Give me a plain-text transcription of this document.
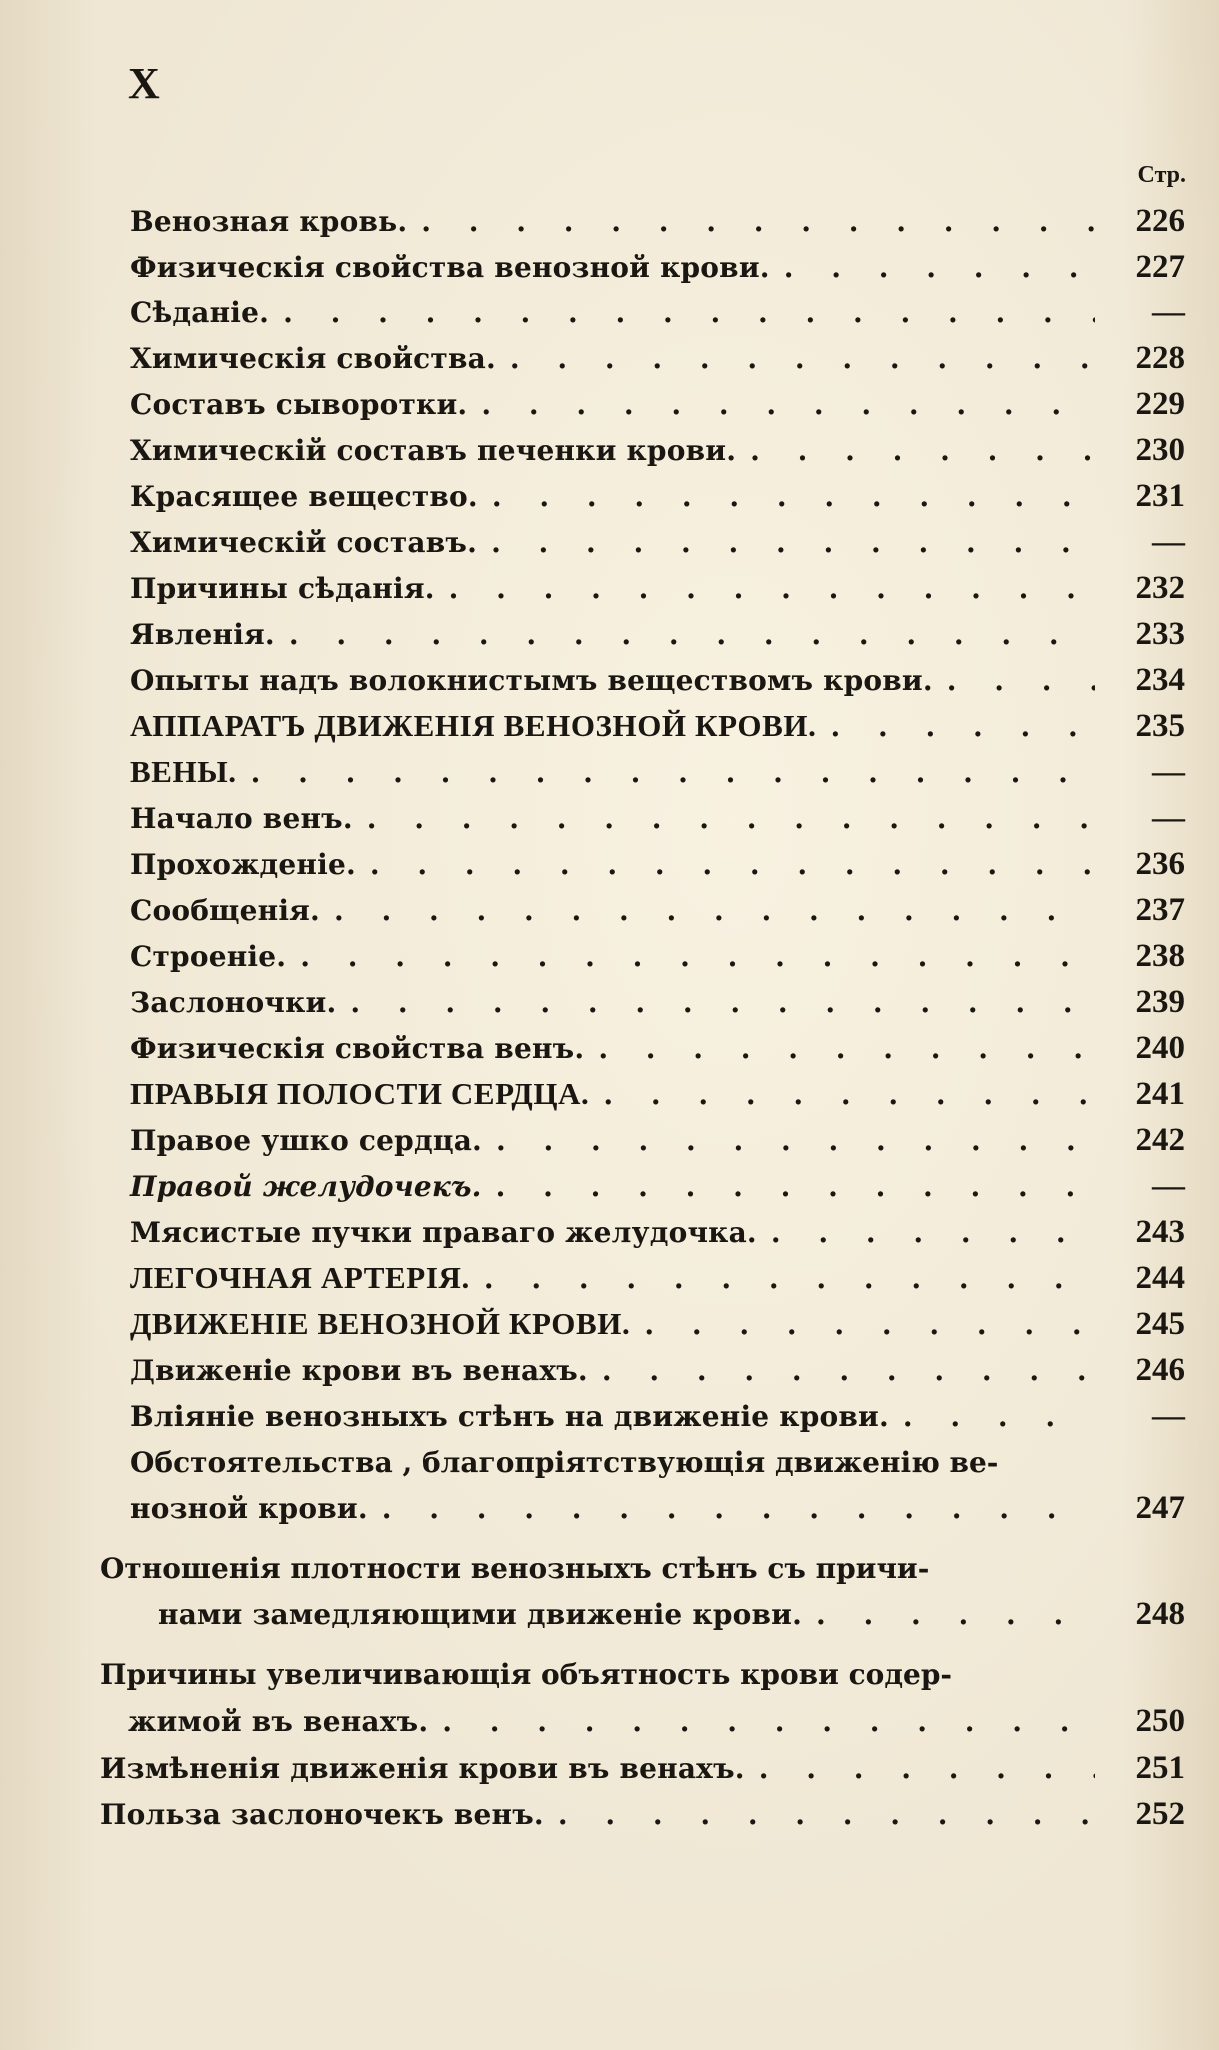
X
Стр.
Венозная кровь. . . .	226
Физическія свойства венозной крови. . . .	227
Сѣданіе. . . .	—
Химическія свойства. . . .	228
Составъ сыворотки. . . .	229
Химическій составъ печенки крови. . . .	230
Красящее вещество. . . .	231
Химическій составъ. . . .	—
Причины сѣданія. . . .	232
Явленія. . . .	233
Опыты надъ волокнистымъ веществомъ крови. . . .	234
АППАРАТЪ ДВИЖЕНІЯ ВЕНОЗНОЙ КРОВИ. . . .	235
ВЕНЫ. . . .	—
Начало венъ. . . .	—
Прохожденіе. . . .	236
Сообщенія. . . .	237
Строеніе. . . .	238
Заслоночки. . . .	239
Физическія свойства венъ. . . .	240
ПРАВЫЯ ПОЛОСТИ СЕРДЦА. . . .	241
Правое ушко сердца. . . .	242
Правой желудочекъ. . . .	—
Мясистые пучки праваго желудочка. . . .	243
ЛЕГОЧНАЯ АРТЕРІЯ. . . .	244
ДВИЖЕНІЕ ВЕНОЗНОЙ КРОВИ. . . .	245
Движеніе крови въ венахъ. . . .	246
Вліяніе венозныхъ стѣнъ на движеніе крови. . . .	—
Обстоятельства , благопріятствующія движенію ве-
нозной крови. . . .	247
Отношенія плотности венозныхъ стѣнъ съ причи-
нами замедляющими движеніе крови. . . .	248
Причины увеличивающія объятность крови содер-
жимой въ венахъ. . . .	250
Измѣненія движенія крови въ венахъ. . . .	251
Польза заслоночекъ венъ. . . .	252
